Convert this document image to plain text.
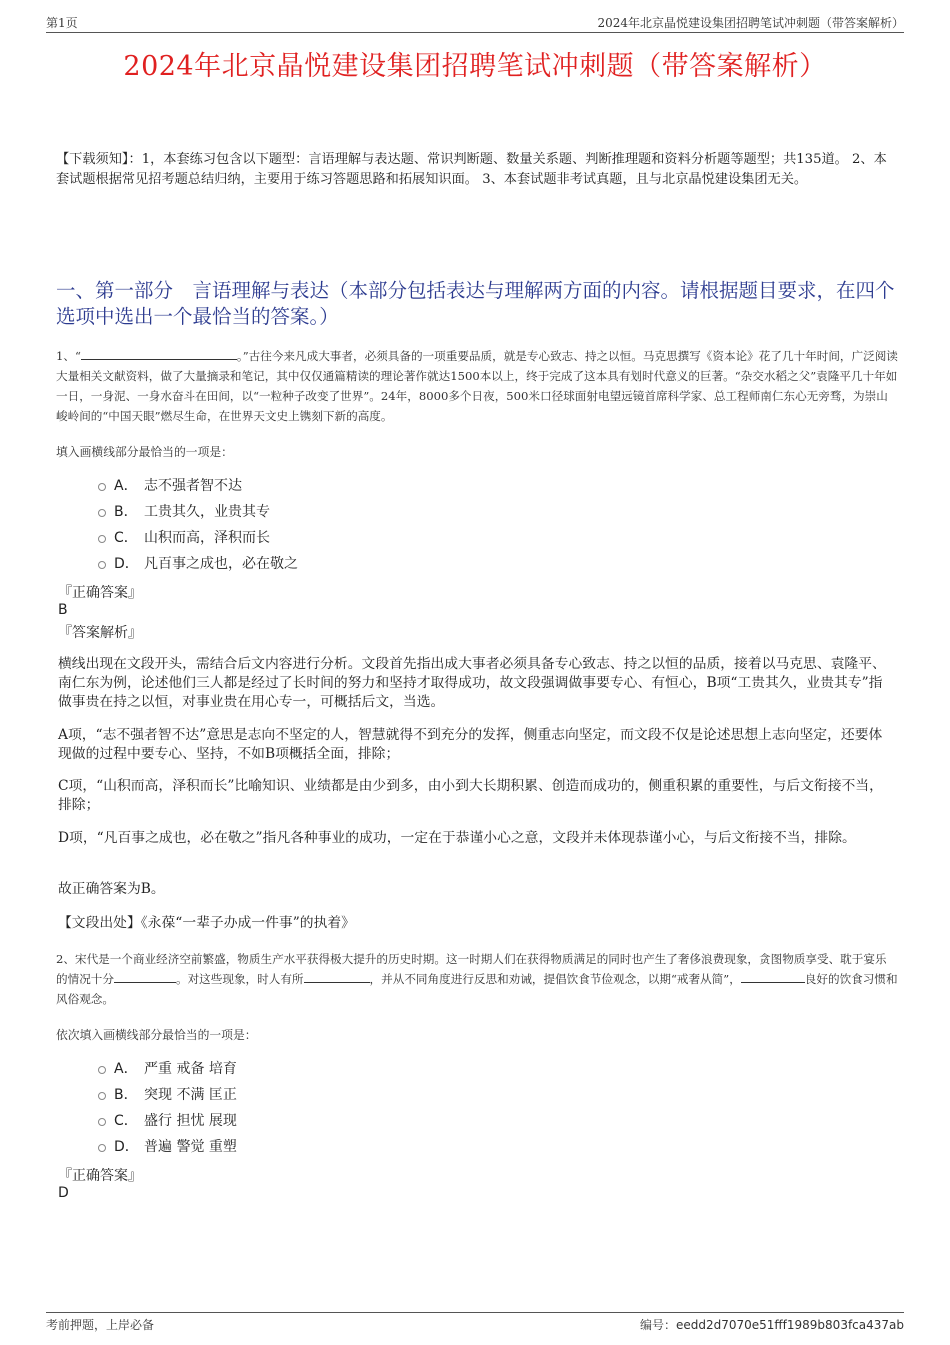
第1页	2024年北京晶悦建设集团招聘笔试冲刺题（带答案解析）
2024年北京晶悦建设集团招聘笔试冲刺题（带答案解析）
【下载须知】：1，本套练习包含以下题型：言语理解与表达题、常识判断题、数量关系题、判断推理题和资料分析题等题型；共135道。 2、本套试题根据常见招考题总结归纳，主要用于练习答题思路和拓展知识面。 3、本套试题非考试真题，且与北京晶悦建设集团无关。
一、第一部分　言语理解与表达（本部分包括表达与理解两方面的内容。请根据题目要求，在四个选项中选出一个最恰当的答案。）
1、“	。”古往今来凡成大事者，必须具备的一项重要品质，就是专心致志、持之以恒。马克思撰写《资本论》花了几十年时间，广泛阅读大量相关文献资料，做了大量摘录和笔记，其中仅仅通篇精读的理论著作就达1500本以上，终于完成了这本具有划时代意义的巨著。“杂交水稻之父”袁隆平几十年如一日，一身泥、一身水奋斗在田间，以“一粒种子改变了世界”。24年，8000多个日夜，500米口径球面射电望远镜首席科学家、总工程师南仁东心无旁骛，为崇山峻岭间的“中国天眼”燃尽生命，在世界天文史上镌刻下新的高度。
填入画横线部分最恰当的一项是：
A． 志不强者智不达
B． 工贵其久，业贵其专
C． 山积而高，泽积而长
D． 凡百事之成也，必在敬之
『正确答案』
B
『答案解析』
横线出现在文段开头，需结合后文内容进行分析。文段首先指出成大事者必须具备专心致志、持之以恒的品质，接着以马克思、袁隆平、南仁东为例，论述他们三人都是经过了长时间的努力和坚持才取得成功，故文段强调做事要专心、有恒心，B项“工贵其久，业贵其专”指做事贵在持之以恒，对事业贵在用心专一，可概括后文，当选。
A项，“志不强者智不达”意思是志向不坚定的人，智慧就得不到充分的发挥，侧重志向坚定，而文段不仅是论述思想上志向坚定，还要体现做的过程中要专心、坚持，不如B项概括全面，排除；
C项，“山积而高，泽积而长”比喻知识、业绩都是由少到多，由小到大长期积累、创造而成功的，侧重积累的重要性，与后文衔接不当，排除；
D项，“凡百事之成也，必在敬之”指凡各种事业的成功，一定在于恭谨小心之意，文段并未体现恭谨小心，与后文衔接不当，排除。
故正确答案为B。
【文段出处】《永葆“一辈子办成一件事”的执着》
2、宋代是一个商业经济空前繁盛，物质生产水平获得极大提升的历史时期。这一时期人们在获得物质满足的同时也产生了奢侈浪费现象，贪图物质享受、耽于宴乐的情况十分	。对这些现象，时人有所	，并从不同角度进行反思和劝诫，提倡饮食节俭观念，以期“戒奢从简”，	良好的饮食习惯和风俗观念。
依次填入画横线部分最恰当的一项是：
A． 严重 戒备 培育
B． 突现 不满 匡正
C． 盛行 担忧 展现
D． 普遍 警觉 重塑
『正确答案』
D
考前押题，上岸必备	编号：eedd2d7070e51fff1989b803fca437ab
